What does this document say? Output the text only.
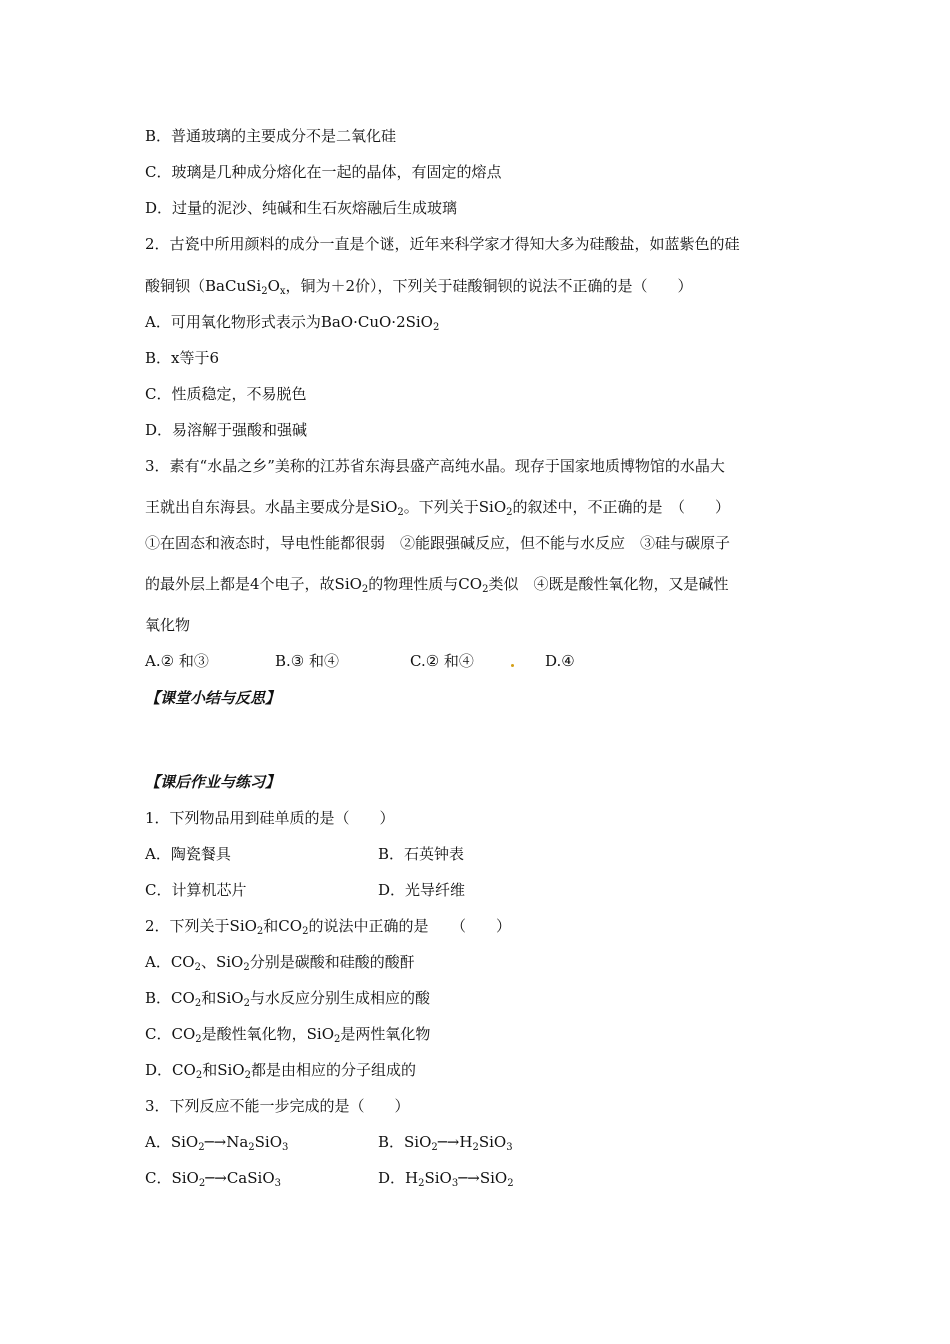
B．普通玻璃的主要成分不是二氧化硅
C．玻璃是几种成分熔化在一起的晶体，有固定的熔点
D．过量的泥沙、纯碱和生石灰熔融后生成玻璃
2．古瓷中所用颜料的成分一直是个谜，近年来科学家才得知大多为硅酸盐，如蓝紫色的硅
酸铜钡（$BaCuSi_2O_x$，铜为＋2价），下列关于硅酸铜钡的说法不正确的是（　　）
A．可用氧化物形式表示为BaO·CuO·2SiO$_2$
B．x等于6
C．性质稳定，不易脱色
D．易溶解于强酸和强碱
3．素有“水晶之乡”美称的江苏省东海县盛产高纯水晶。现存于国家地质博物馆的水晶大
王就出自东海县。水晶主要成分是SiO$_2$。下列关于SiO$_2$的叙述中，不正确的是　（　　）
①在固态和液态时，导电性能都很弱　②能跟强碱反应，但不能与水反应　③硅与碳原子
的最外层上都是4个电子，故SiO$_2$的物理性质与$CO_2$类似　④既是酸性氧化物，又是碱性
氧化物
A.② 和③	B.③ 和④	C.② 和④	D.④
【课堂小结与反思】
【课后作业与练习】
1．下列物品用到硅单质的是（　　）
A．陶瓷餐具	B．石英钟表
C．计算机芯片	D．光导纤维
2．下列关于SiO$_2$和$CO_2$的说法中正确的是　　（　　）
A．$CO_2$、SiO$_2$分别是碳酸和硅酸的酸酐
B．$CO_2$和SiO$_2$与水反应分别生成相应的酸
C．$CO_2$是酸性氧化物，SiO$_2$是两性氧化物
D．$CO_2$和SiO$_2$都是由相应的分子组成的
3．下列反应不能一步完成的是（　　）
A．$SiO_2─\to Na_2SiO_3$	B．$SiO_2─\to H_2SiO_3$
C．SiO$_2$─→CaSiO$_3$	D．$H_2SiO_3─\to SiO_2$
